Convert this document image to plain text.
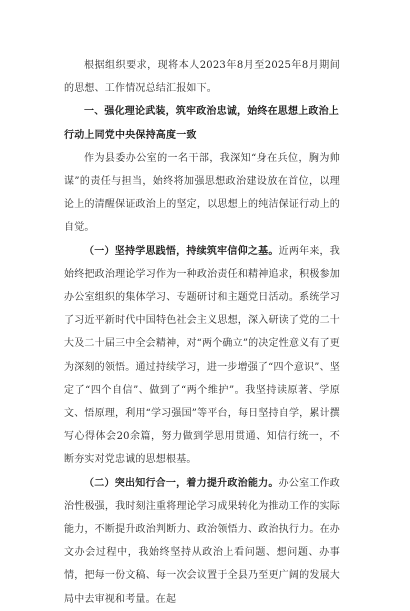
根据组织要求，现将本人2023年8月至2025年8月期间的思想、工作情况总结汇报如下。

一、强化理论武装，筑牢政治忠诚，始终在思想上政治上行动上同党中央保持高度一致

作为县委办公室的一名干部，我深知“身在兵位，胸为帅谋”的责任与担当，始终将加强思想政治建设放在首位，以理论上的清醒保证政治上的坚定，以思想上的纯洁保证行动上的自觉。

（一）坚持学思践悟，持续筑牢信仰之基。近两年来，我始终把政治理论学习作为一种政治责任和精神追求，积极参加办公室组织的集体学习、专题研讨和主题党日活动。系统学习了习近平新时代中国特色社会主义思想，深入研读了党的二十大及二十届三中全会精神，对“两个确立”的决定性意义有了更为深刻的领悟。通过持续学习，进一步增强了“四个意识”、坚定了“四个自信”、做到了“两个维护”。我坚持读原著、学原文、悟原理，利用“学习强国”等平台，每日坚持自学，累计撰写心得体会20余篇，努力做到学思用贯通、知信行统一，不断夯实对党忠诚的思想根基。

（二）突出知行合一，着力提升政治能力。办公室工作政治性极强，我时刻注重将理论学习成果转化为推动工作的实际能力，不断提升政治判断力、政治领悟力、政治执行力。在办文办会过程中，我始终坚持从政治上看问题、想问题、办事情，把每一份文稿、每一次会议置于全县乃至更广阔的发展大局中去审视和考量。在起
